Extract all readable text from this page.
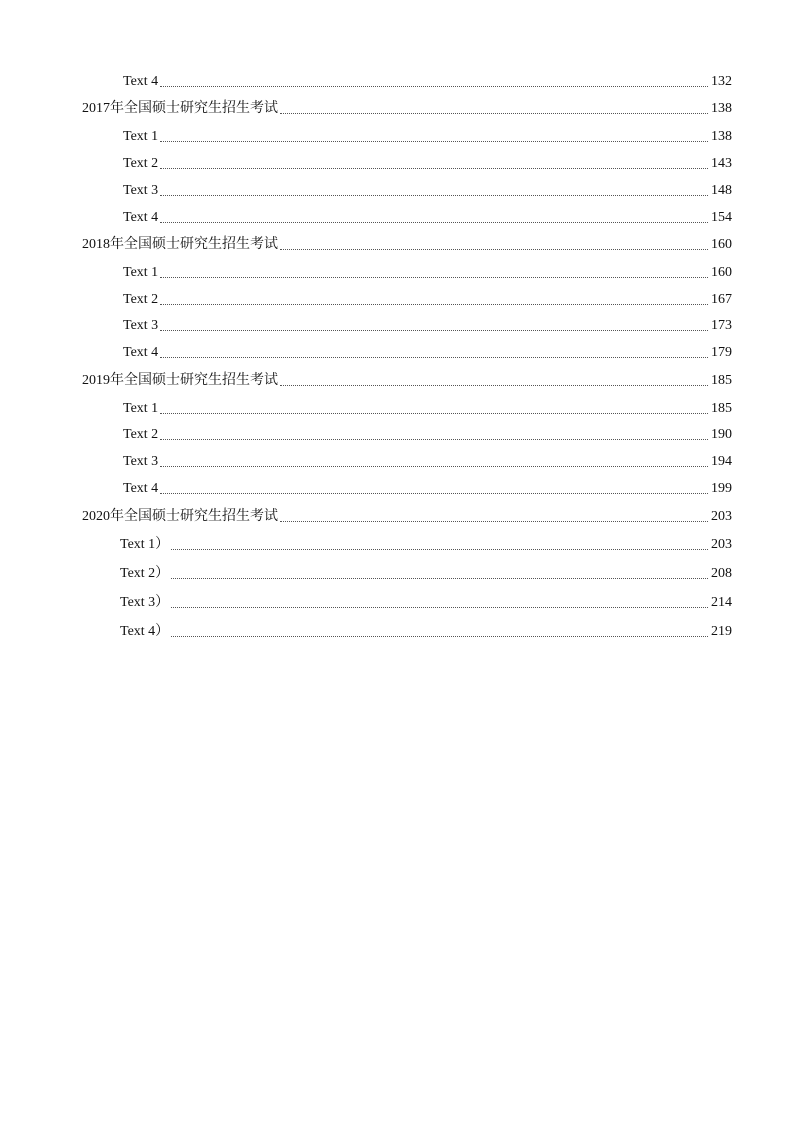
Text 4	132
2017年全国硕士研究生招生考试	138
Text 1	138
Text 2	143
Text 3	148
Text 4	154
2018年全国硕士研究生招生考试	160
Text 1	160
Text 2	167
Text 3	173
Text 4	179
2019年全国硕士研究生招生考试	185
Text 1	185
Text 2	190
Text 3	194
Text 4	199
2020年全国硕士研究生招生考试	203
Text 1）	203
Text 2）	208
Text 3）	214
Text 4）	219
